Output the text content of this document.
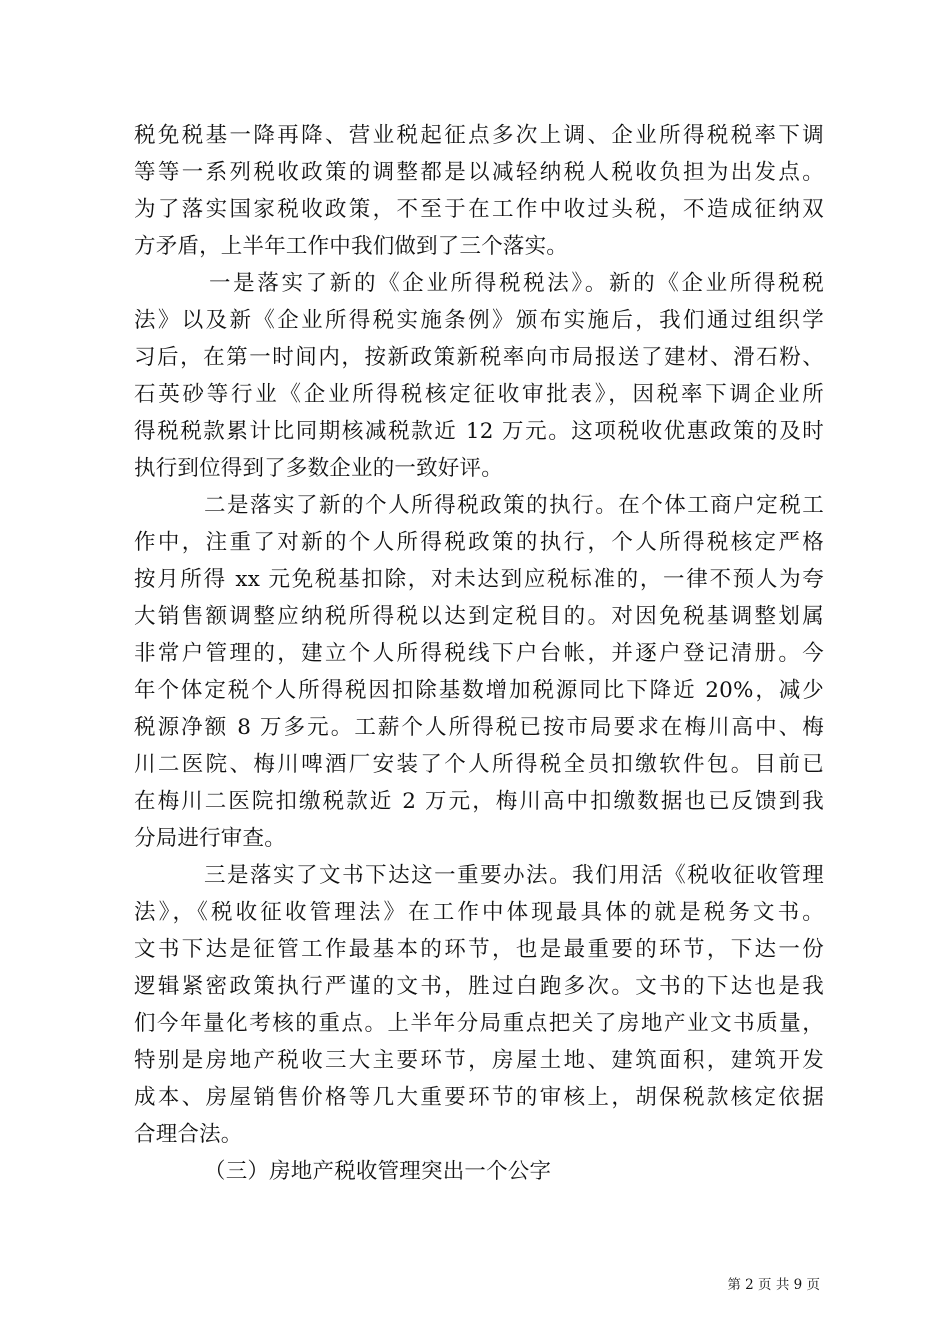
税免税基一降再降、营业税起征点多次上调、企业所得税税率下调
等等一系列税收政策的调整都是以减轻纳税人税收负担为出发点。
为了落实国家税收政策，不至于在工作中收过头税，不造成征纳双
方矛盾，上半年工作中我们做到了三个落实。
一是落实了新的《企业所得税税法》。新的《企业所得税税
法》以及新《企业所得税实施条例》颁布实施后，我们通过组织学
习后，在第一时间内，按新政策新税率向市局报送了建材、滑石粉、
石英砂等行业《企业所得税核定征收审批表》，因税率下调企业所
得税税款累计比同期核减税款近 12 万元。这项税收优惠政策的及时
执行到位得到了多数企业的一致好评。
二是落实了新的个人所得税政策的执行。在个体工商户定税工
作中，注重了对新的个人所得税政策的执行，个人所得税核定严格
按月所得 xx 元免税基扣除，对未达到应税标准的，一律不预人为夸
大销售额调整应纳税所得税以达到定税目的。对因免税基调整划属
非常户管理的，建立个人所得税线下户台帐，并逐户登记清册。今
年个体定税个人所得税因扣除基数增加税源同比下降近 20%，减少
税源净额 8 万多元。工薪个人所得税已按市局要求在梅川高中、梅
川二医院、梅川啤酒厂安装了个人所得税全员扣缴软件包。目前已
在梅川二医院扣缴税款近 2 万元，梅川高中扣缴数据也已反馈到我
分局进行审查。
三是落实了文书下达这一重要办法。我们用活《税收征收管理
法》，《税收征收管理法》在工作中体现最具体的就是税务文书。
文书下达是征管工作最基本的环节，也是最重要的环节，下达一份
逻辑紧密政策执行严谨的文书，胜过白跑多次。文书的下达也是我
们今年量化考核的重点。上半年分局重点把关了房地产业文书质量，
特别是房地产税收三大主要环节，房屋土地、建筑面积，建筑开发
成本、房屋销售价格等几大重要环节的审核上，胡保税款核定依据
合理合法。
（三）房地产税收管理突出一个公字
第 2 页 共 9 页
